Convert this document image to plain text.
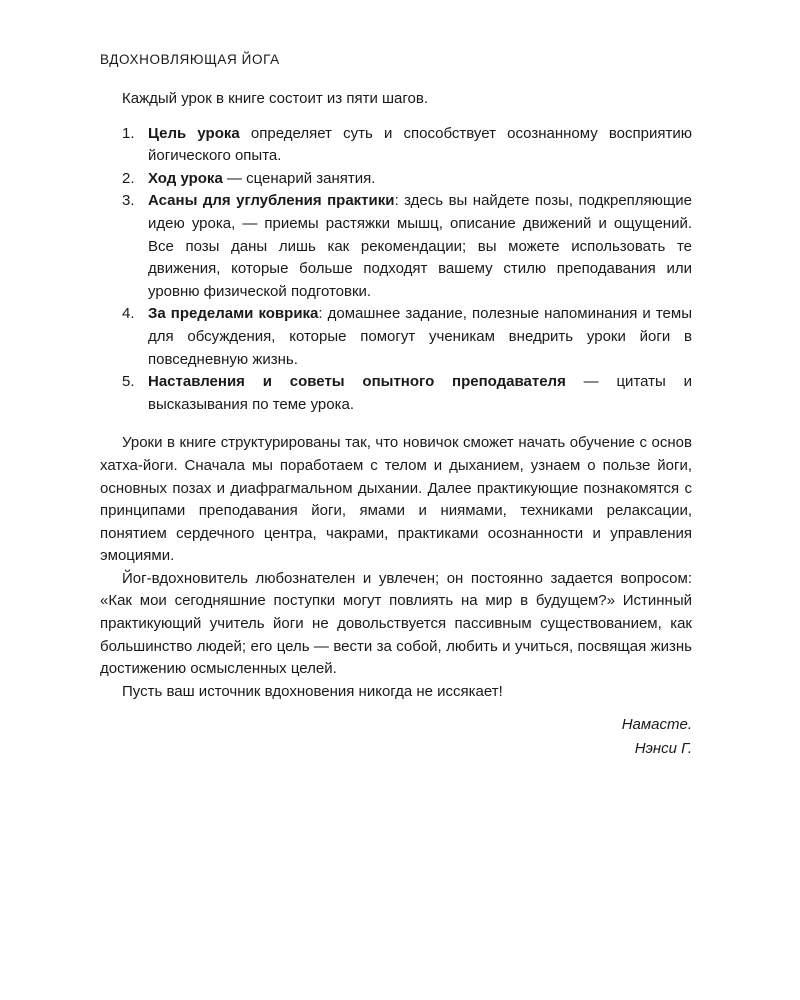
ВДОХНОВЛЯЮЩАЯ ЙОГА

Каждый урок в книге состоит из пяти шагов.

1. Цель урока определяет суть и способствует осознанному восприятию йогического опыта.
2. Ход урока — сценарий занятия.
3. Асаны для углубления практики: здесь вы найдете позы, подкрепляющие идею урока, — приемы растяжки мышц, описание движений и ощущений. Все позы даны лишь как рекомендации; вы можете использовать те движения, которые больше подходят вашему стилю преподавания или уровню физической подготовки.
4. За пределами коврика: домашнее задание, полезные напоминания и темы для обсуждения, которые помогут ученикам внедрить уроки йоги в повседневную жизнь.
5. Наставления и советы опытного преподавателя — цитаты и высказывания по теме урока.

Уроки в книге структурированы так, что новичок сможет начать обучение с основ хатха-йоги. Сначала мы поработаем с телом и дыханием, узнаем о пользе йоги, основных позах и диафрагмальном дыхании. Далее практикующие познакомятся с принципами преподавания йоги, ямами и ниямами, техниками релаксации, понятием сердечного центра, чакрами, практиками осознанности и управления эмоциями.

Йог-вдохновитель любознателен и увлечен; он постоянно задается вопросом: «Как мои сегодняшние поступки могут повлиять на мир в будущем?» Истинный практикующий учитель йоги не довольствуется пассивным существованием, как большинство людей; его цель — вести за собой, любить и учиться, посвящая жизнь достижению осмысленных целей.

Пусть ваш источник вдохновения никогда не иссякает!

Намасте.
Нэнси Г.
